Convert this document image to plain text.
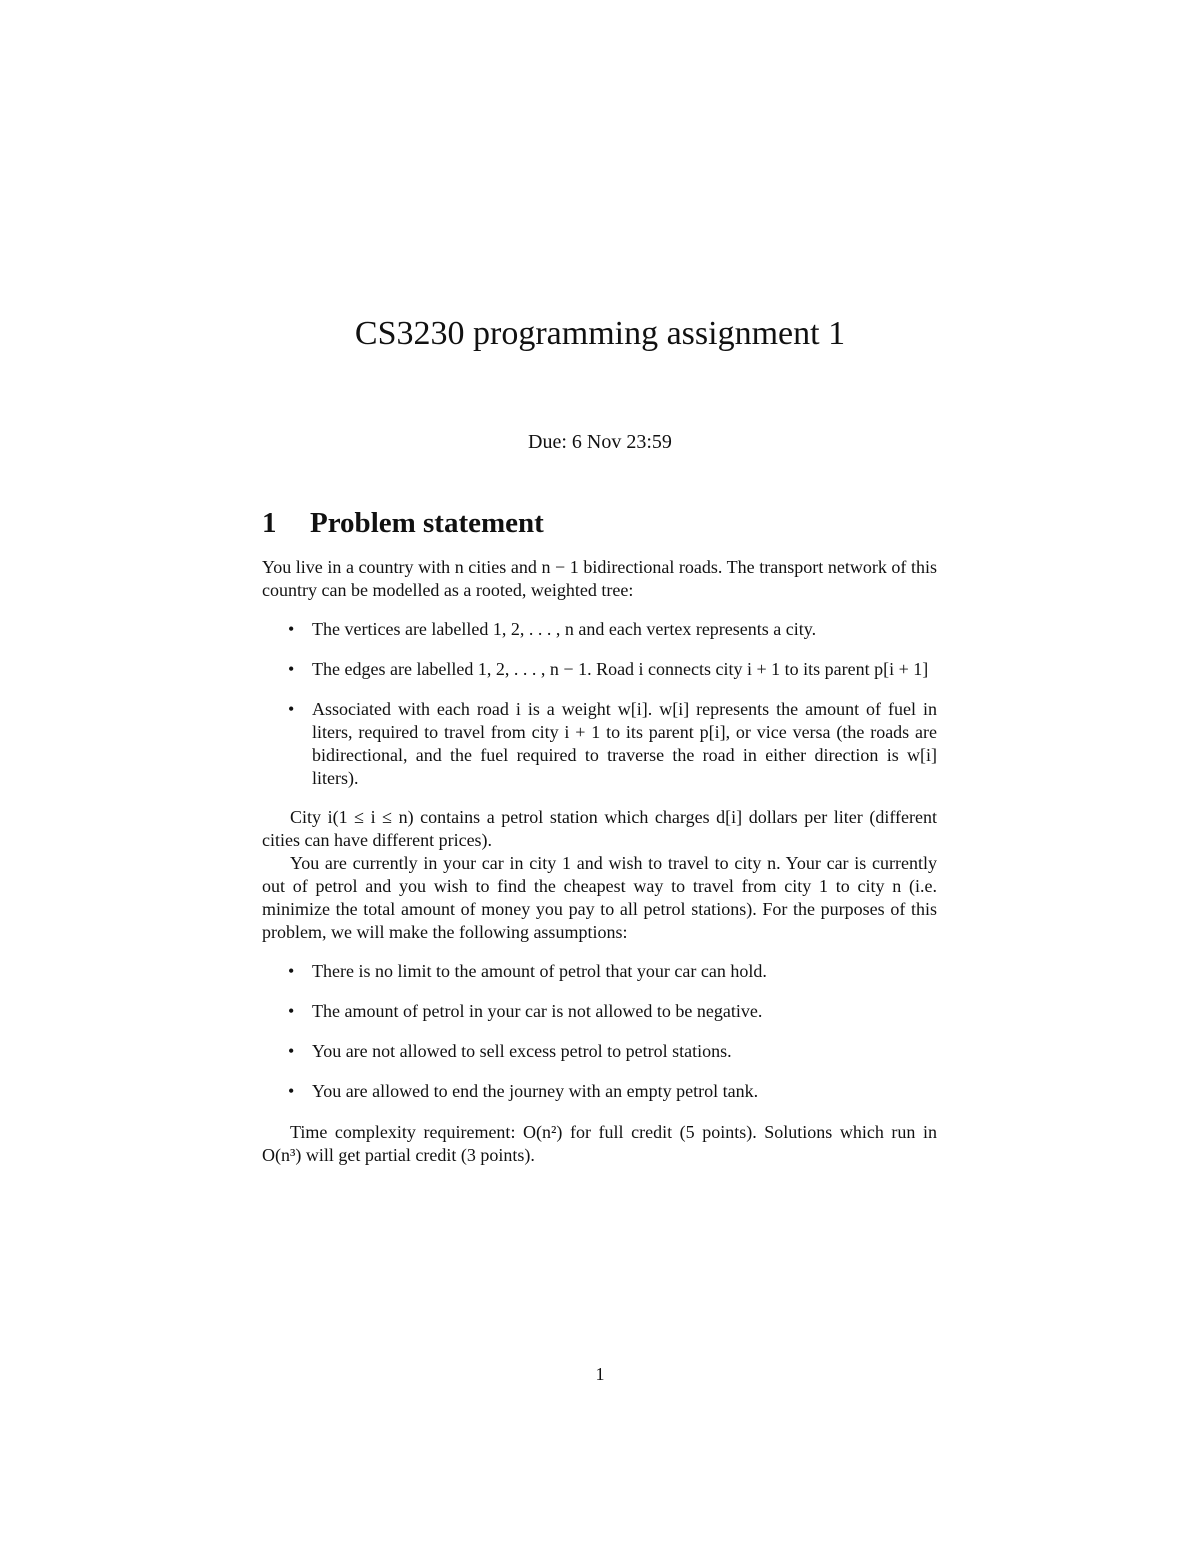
CS3230 programming assignment 1
Due: 6 Nov 23:59
1 Problem statement

You live in a country with n cities and n − 1 bidirectional roads. The transport network of this country can be modelled as a rooted, weighted tree:

• The vertices are labelled 1, 2, . . . , n and each vertex represents a city.
• The edges are labelled 1, 2, . . . , n − 1. Road i connects city i + 1 to its parent p[i + 1]
• Associated with each road i is a weight w[i]. w[i] represents the amount of fuel in liters, required to travel from city i + 1 to its parent p[i], or vice versa (the roads are bidirectional, and the fuel required to traverse the road in either direction is w[i] liters).

City i(1 ≤ i ≤ n) contains a petrol station which charges d[i] dollars per liter (different cities can have different prices).

You are currently in your car in city 1 and wish to travel to city n. Your car is currently out of petrol and you wish to find the cheapest way to travel from city 1 to city n (i.e. minimize the total amount of money you pay to all petrol stations). For the purposes of this problem, we will make the following assumptions:

• There is no limit to the amount of petrol that your car can hold.
• The amount of petrol in your car is not allowed to be negative.
• You are not allowed to sell excess petrol to petrol stations.
• You are allowed to end the journey with an empty petrol tank.

Time complexity requirement: O(n²) for full credit (5 points). Solutions which run in O(n³) will get partial credit (3 points).

1
